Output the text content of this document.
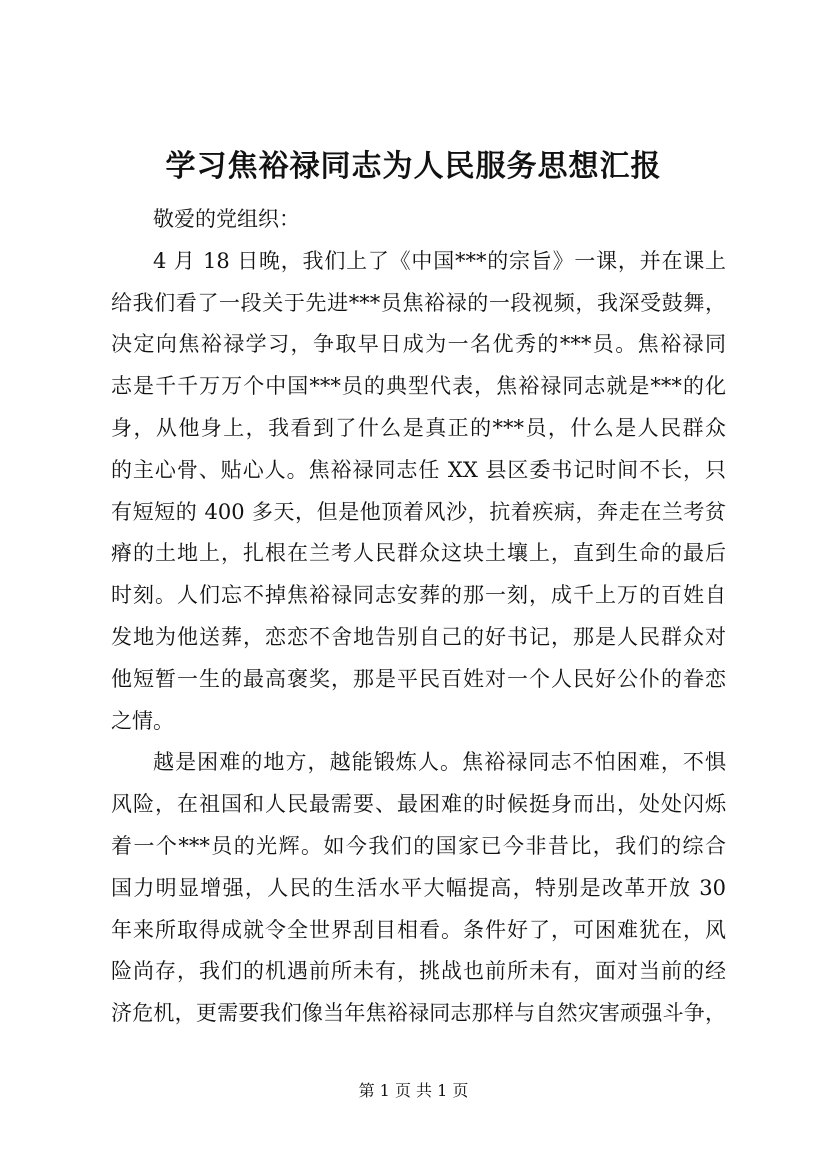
学习焦裕禄同志为人民服务思想汇报
敬爱的党组织：
4 月 18 日晚，我们上了《中国***的宗旨》一课，并在课上
给我们看了一段关于先进***员焦裕禄的一段视频，我深受鼓舞，
决定向焦裕禄学习，争取早日成为一名优秀的***员。焦裕禄同
志是千千万万个中国***员的典型代表，焦裕禄同志就是***的化
身，从他身上，我看到了什么是真正的***员，什么是人民群众
的主心骨、贴心人。焦裕禄同志任 XX 县区委书记时间不长，只
有短短的 400 多天，但是他顶着风沙，抗着疾病，奔走在兰考贫
瘠的土地上，扎根在兰考人民群众这块土壤上，直到生命的最后
时刻。人们忘不掉焦裕禄同志安葬的那一刻，成千上万的百姓自
发地为他送葬，恋恋不舍地告别自己的好书记，那是人民群众对
他短暂一生的最高褒奖，那是平民百姓对一个人民好公仆的眷恋
之情。
越是困难的地方，越能锻炼人。焦裕禄同志不怕困难，不惧
风险，在祖国和人民最需要、最困难的时候挺身而出，处处闪烁
着一个***员的光辉。如今我们的国家已今非昔比，我们的综合
国力明显增强，人民的生活水平大幅提高，特别是改革开放 30
年来所取得成就令全世界刮目相看。条件好了，可困难犹在，风
险尚存，我们的机遇前所未有，挑战也前所未有，面对当前的经
济危机，更需要我们像当年焦裕禄同志那样与自然灾害顽强斗争，
第 1 页 共 1 页
